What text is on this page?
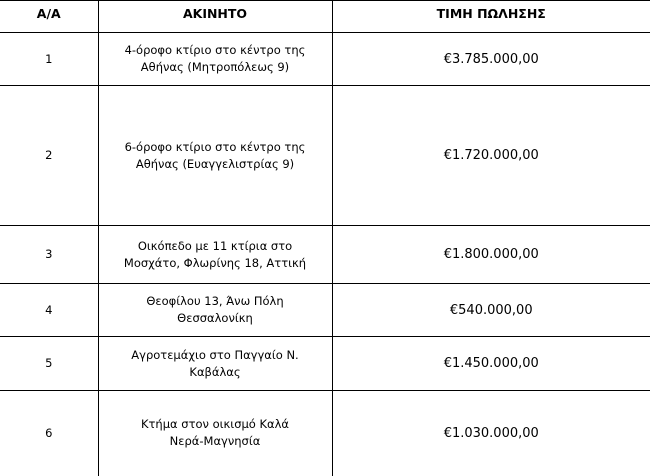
Α/Α	ΑΚΙΝΗΤΟ	ΤΙΜΗ ΠΩΛΗΣΗΣ
1	4-όροφο κτίριο στο κέντρο της
Αθήνας (Μητροπόλεως 9)	€3.785.000,00
2	6-όροφο κτίριο στο κέντρο της
Αθήνας (Ευαγγελιστρίας 9)	€1.720.000,00
3	Οικόπεδο με 11 κτίρια στο
Μοσχάτο, Φλωρίνης 18, Αττική	€1.800.000,00
4	Θεοφίλου 13, Άνω Πόλη
Θεσσαλονίκη	€540.000,00
5	Αγροτεμάχιο στο Παγγαίο Ν.
Καβάλας	€1.450.000,00
6	Κτήμα στον οικισμό Καλά
Νερά-Μαγνησία	€1.030.000,00
